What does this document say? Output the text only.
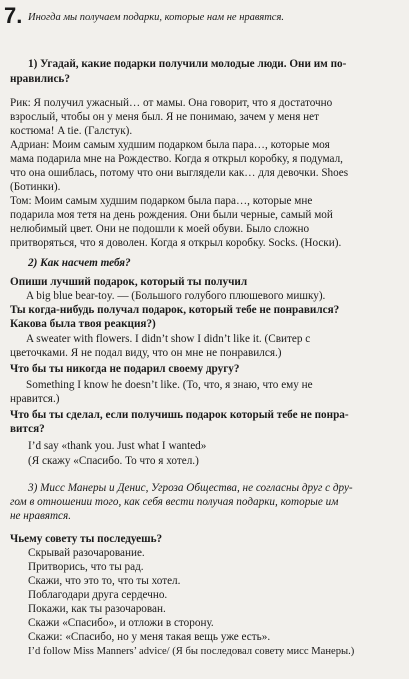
7. Иногда мы получаем подарки, которые нам не нравятся.
1) Угадай, какие подарки получили молодые люди. Они им по-
нравились?
Рик: Я получил ужасный… от мамы. Она говорит, что я достаточно
взрослый, чтобы он у меня был. Я не понимаю, зачем у меня нет
костюма! A tie. (Галстук).
Адриан: Моим самым худшим подарком была пара…, которые моя
мама подарила мне на Рождество. Когда я открыл коробку, я подумал,
что она ошиблась, потому что они выглядели как… для девочки. Shoes
(Ботинки).
Том: Моим самым худшим подарком была пара…, которые мне
подарила моя тетя на день рождения. Они были черные, самый мой
нелюбимый цвет. Они не подошли к моей обуви. Было сложно
притворяться, что я доволен. Когда я открыл коробку. Socks. (Носки).
2) Как насчет тебя?
Опиши лучший подарок, который ты получил
A big blue bear-toy. — (Большого голубого плюшевого мишку).
Ты когда-нибудь получал подарок, который тебе не понравился?
Какова была твоя реакция?)
A sweater with flowers. I didn’t show I didn’t like it. (Свитер с
цветочками. Я не подал виду, что он мне не понравился.)
Что бы ты никогда не подарил своему другу?
Something I know he doesn’t like. (То, что, я знаю, что ему не
нравится.)
Что бы ты сделал, если получишь подарок который тебе не понра-
вится?
I’d say «thank you. Just what I wanted»
(Я скажу «Спасибо. То что я хотел.)
3) Мисс Манеры и Денис, Угроза Общества, не согласны друг с дру-
гом в отношении того, как себя вести получая подарки, которые им
не нравятся.
Чьему совету ты последуешь?
Скрывай разочарование.
Притворись, что ты рад.
Скажи, что это то, что ты хотел.
Поблагодари друга сердечно.
Покажи, как ты разочарован.
Скажи «Спасибо», и отложи в сторону.
Скажи: «Спасибо, но у меня такая вещь уже есть».
I’d follow Miss Manners’ advice/ (Я бы последовал совету мисс Манеры.)
